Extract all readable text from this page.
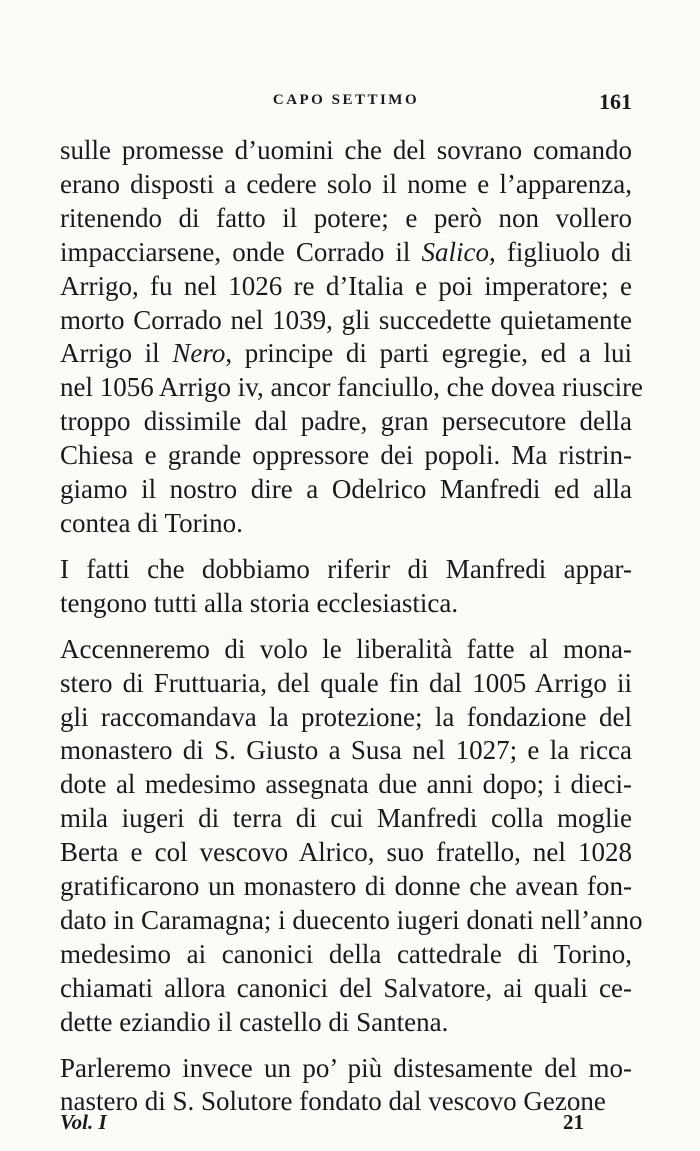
CAPO SETTIMO	161
sulle promesse d’uomini che del sovrano comando
erano disposti a cedere solo il nome e l’apparenza,
ritenendo di fatto il potere; e però non vollero
impacciarsene, onde Corrado il Salico, figliuolo di
Arrigo, fu nel 1026 re d’Italia e poi imperatore; e
morto Corrado nel 1039, gli succedette quietamente
Arrigo il Nero, principe di parti egregie, ed a lui
nel 1056 Arrigo iv, ancor fanciullo, che dovea riuscire
troppo dissimile dal padre, gran persecutore della
Chiesa e grande oppressore dei popoli. Ma ristrin-
giamo il nostro dire a Odelrico Manfredi ed alla
contea di Torino.
I fatti che dobbiamo riferir di Manfredi appar-
tengono tutti alla storia ecclesiastica.
Accenneremo di volo le liberalità fatte al mona-
stero di Fruttuaria, del quale fin dal 1005 Arrigo ii
gli raccomandava la protezione; la fondazione del
monastero di S. Giusto a Susa nel 1027; e la ricca
dote al medesimo assegnata due anni dopo; i dieci-
mila iugeri di terra di cui Manfredi colla moglie
Berta e col vescovo Alrico, suo fratello, nel 1028
gratificarono un monastero di donne che avean fon-
dato in Caramagna; i duecento iugeri donati nell’anno
medesimo ai canonici della cattedrale di Torino,
chiamati allora canonici del Salvatore, ai quali ce-
dette eziandio il castello di Santena.
Parleremo invece un po’ più distesamente del mo-
nastero di S. Solutore fondato dal vescovo Gezone
Vol. I	21
